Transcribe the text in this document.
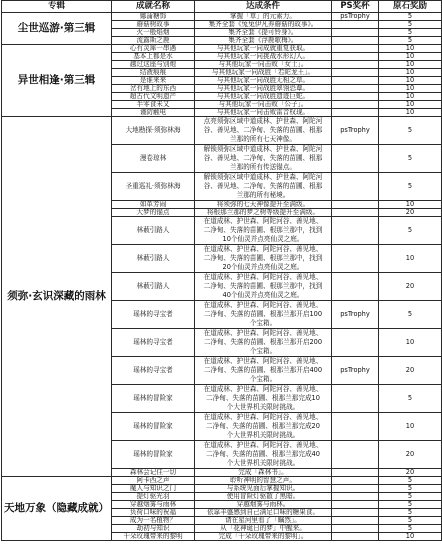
专辑	成就名称	达成条件	PS奖杯	原石奖励

尘世巡游·第三辑	娜蒲糖饰	掌握「草」的元素力。	psTrophy	5

蘑菇树故事	集齐全套《兔兔伊凡养蘑菇的故事》。		5

火一般焰烟	集齐全套《提可铃身》。		5

流露斯之鹿	集齐全套《浮鹿歌梅》。		5

异世相逢·第三辑	心有灵犀一串遇	与其他玩家一同成就重复获取。		10

基本上都是水	与其他玩家一同挑战水形幻人。		10

越过这座与别炮	与其他玩家一同击败「女士」。		10

结液痕痕	与其他玩家一同战胜「若陀龙王」。		10

是谁来来	与其他玩家一同战胜无相之草。		10

岔有地上的东西	与其他玩家一同战胜翠翎恐蕈。		10

超古代文明遗产	与其他玩家一同战胜遗迹巨蛇。		10

半零食未又	与其他玩家一同击败「公子」。		10

谨防触电	与其他玩家一同击败雷音权现。		10

须弥·玄识深藏的雨林	大地勘探·须弥林海	点亮须弥区域中道成林、护世森、阿陀河谷、善见地、二净甸、失落的苗圃、根那兰那的所有七天神像。	psTrophy	5

漫卷琼林	解锁须弥区域中道成林、护世森、阿陀河谷、善见地、二净甸、失落的苗圃、根那兰那的所有传送锚点。		5

圣重巡礼·须弥林海	解锁须弥区域中道成林、护世森、阿陀河谷、善见地、二净甸、失落的苗圃、根那兰那的所有秘境。		5

如革芳闹	将须弥的七天神像提升至满级。		10

大梦的锚点	将根那兰那的梦之树等级提升至满级。		20

林薮引路人	在道成林、护世森、阿陀河谷、善见地、二净甸、失落的苗圃、根那兰那中，找到10个仙灵并点亮仙灵之庭。		5

林薮引路人	在道成林、护世森、阿陀河谷、善见地、二净甸、失落的苗圃、根那兰那中，找到20个仙灵并点亮仙灵之庭。		10

林薮引路人	在道成林、护世森、阿陀河谷、善见地、二净甸、失落的苗圃、根那兰那中，找到40个仙灵并点亮仙灵之庭。		20

瑶林的寻宝者	在道成林、护世森、阿陀河谷、善见地、二净甸、失落的苗圃、根那兰那开启100个宝箱。	psTrophy	5

瑶林的寻宝者	在道成林、护世森、阿陀河谷、善见地、二净甸、失落的苗圃、根那兰那开启200个宝箱。		10

瑶林的寻宝者	在道成林、护世森、阿陀河谷、善见地、二净甸、失落的苗圃、根那兰那开启400个宝箱。	psTrophy	20

瑶林的冒险家	在道成林、护世森、阿陀河谷、善见地、二净甸、失落的苗圃、根那兰那完成10个大世界机关限时挑战。		5

瑶林的冒险家	在道成林、护世森、阿陀河谷、善见地、二净甸、失落的苗圃、根那兰那完成20个大世界机关限时挑战。		10

瑶林的冒险家	在道成林、护世森、阿陀河谷、善见地、二净甸、失落的苗圃、根那兰那完成40个大世界机关限时挑战。		20

森林会记住一切	完成「森林书」。		20

天地万象（隐藏成就）	阿卡西之声	聆听神明的智慧之声。		5

魔人与知识之门	与系统见面后掌握知识。		5

提灯驱光羽	使用冒险灯驱散了黑暗。		5

穿越烟雾与雨林	穿越烟雾与雨林。		5

负荷口味的祝福	依靠丰盛感到自己满足口味的糖果食。		5

成为一名植物？	请在星河里看了「瞩然」。		5

劫初与知识	从「花神诞日的梦」中醒来。		5

千朵玫瑰带来的黎明	完成「千朵玫瑰带来的黎明」。		10
